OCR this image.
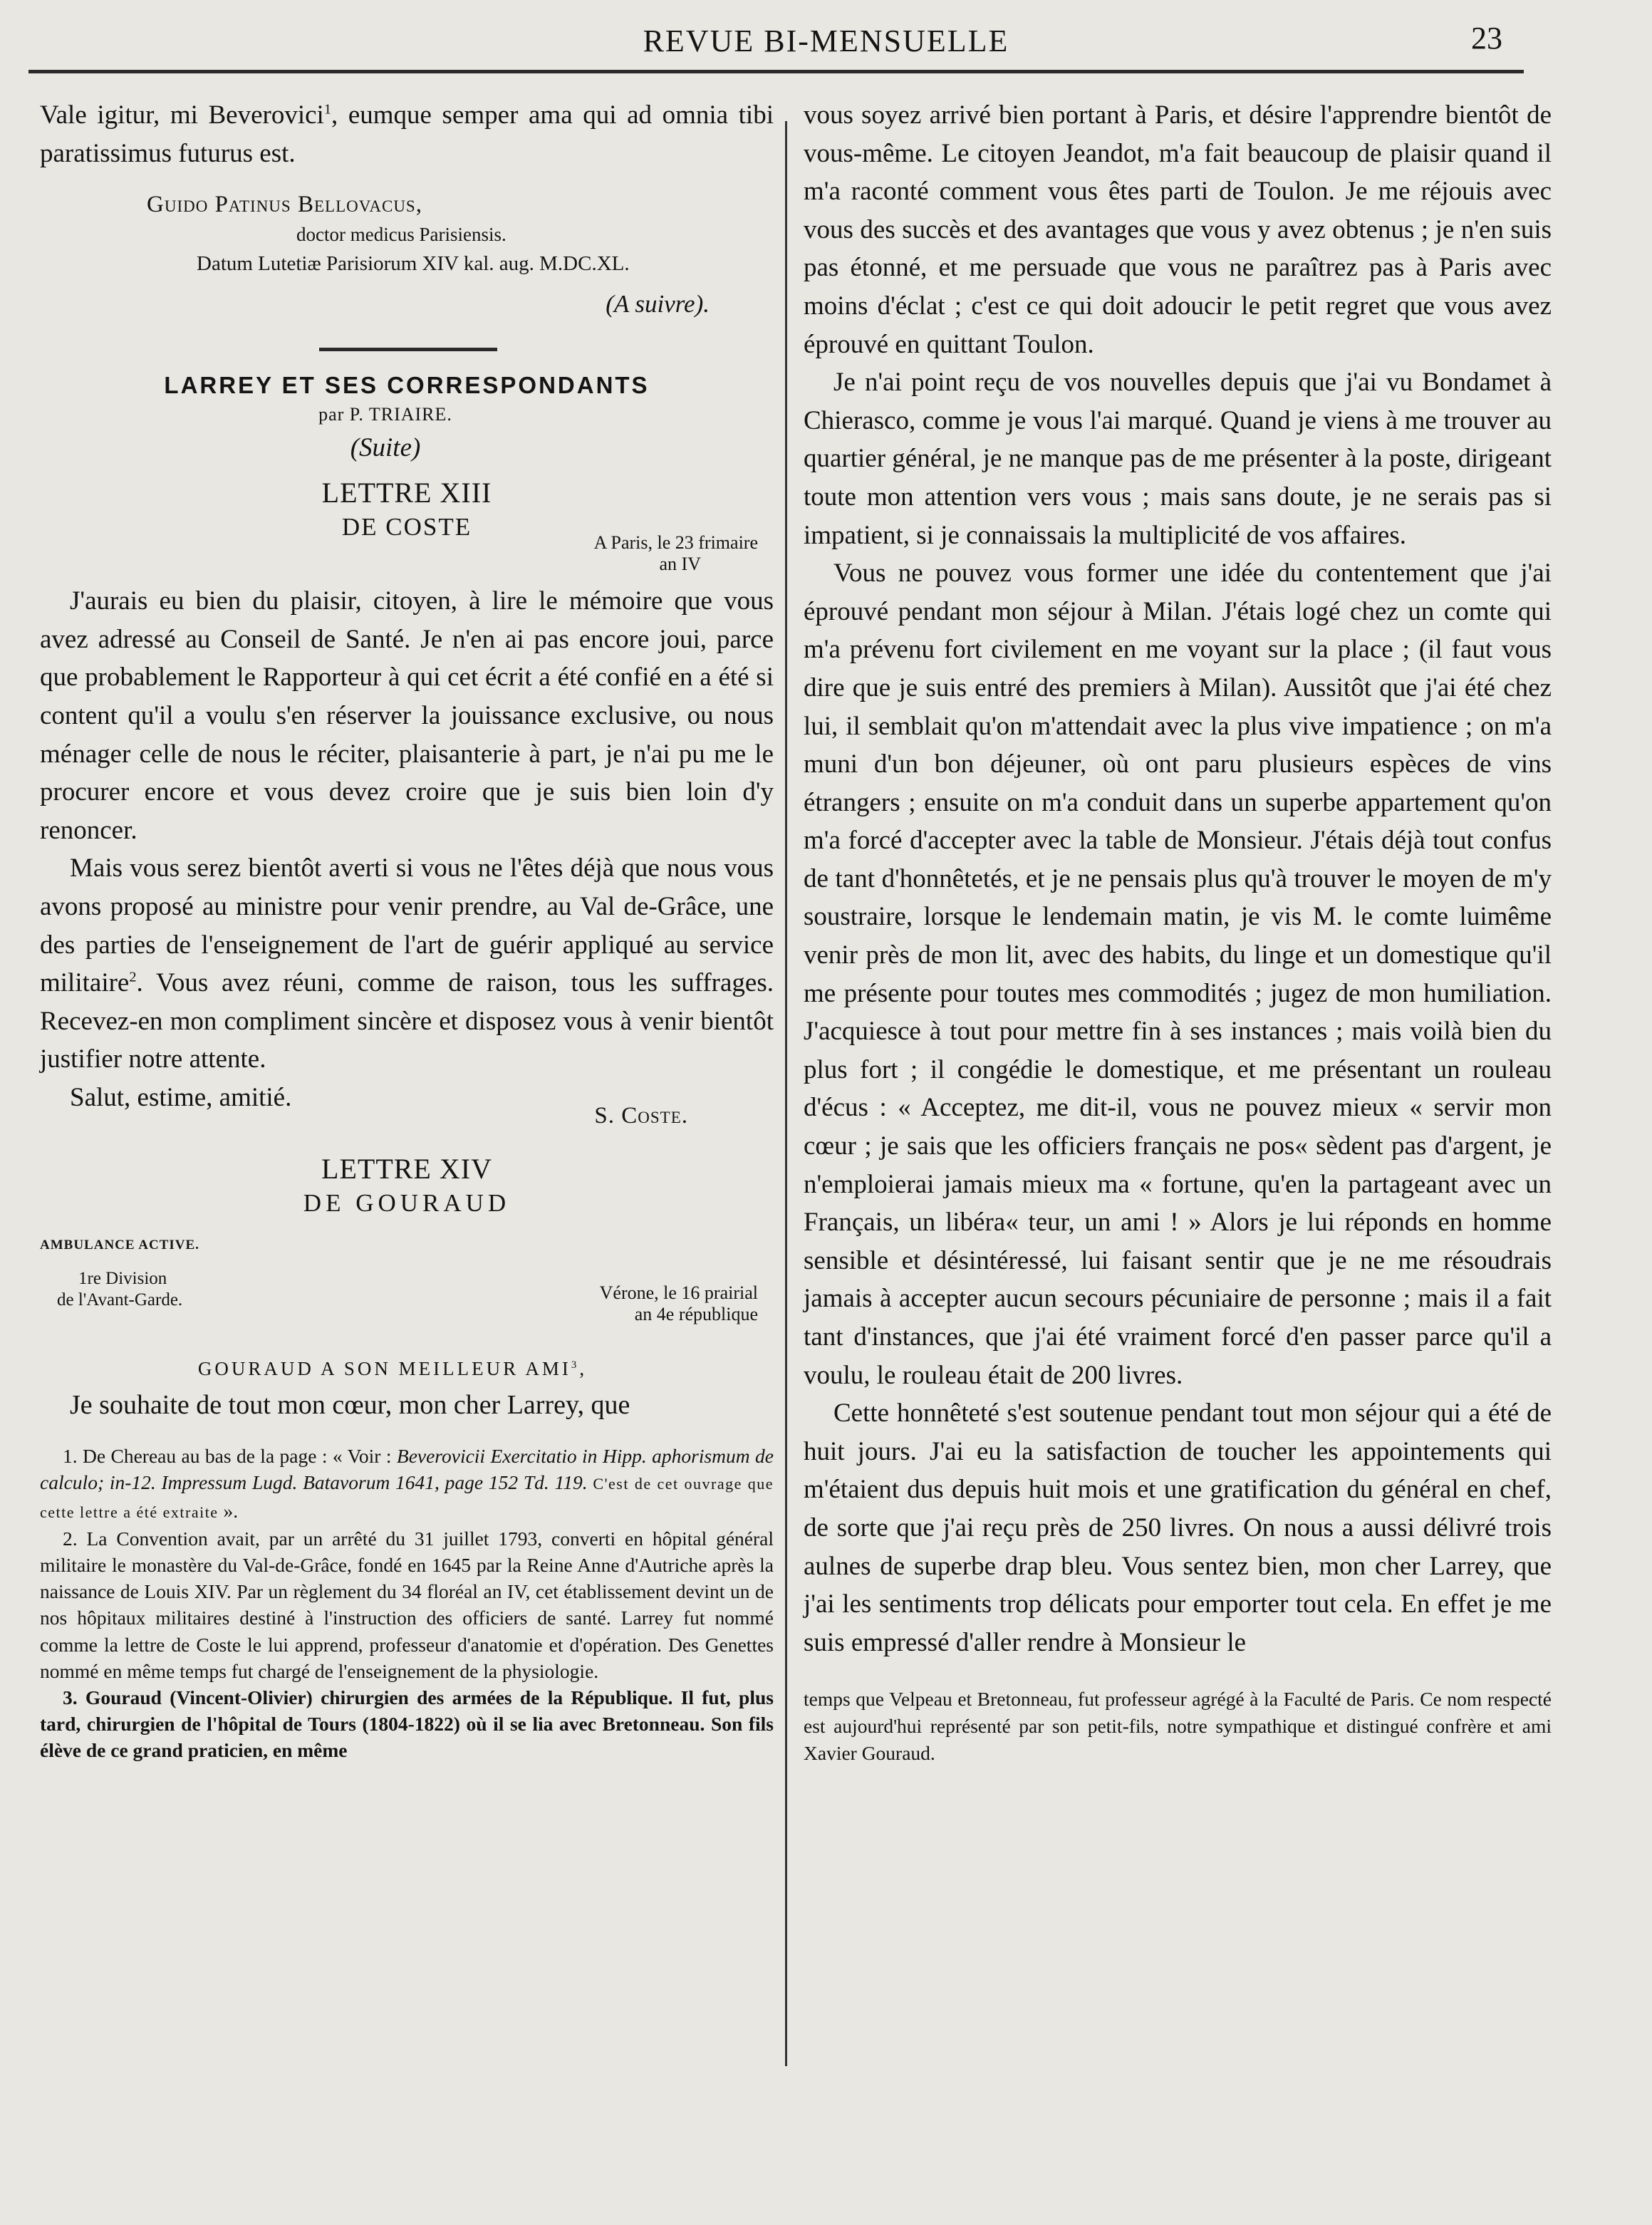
REVUE BI-MENSUELLE	23

Vale igitur, mi Beverovici$^1$, eumque semper ama qui ad omnia tibi paratissimus futurus est.

Guido Patinus Bellovacus,
doctor medicus Parisiensis.
Datum Lutetiæ Parisiorum XIV kal. aug. M.DC.XL.
(A suivre).
LARREY ET SES CORRESPONDANTS
par P. TRIAIRE.
(Suite)
LETTRE XIII
DE COSTE
A Paris, le 23 frimaire
an IV

J'aurais eu bien du plaisir, citoyen, à lire le mémoire que vous avez adressé au Conseil de Santé. Je n'en ai pas encore joui, parce que probablement le Rapporteur à qui cet écrit a été confié en a été si content qu'il a voulu s'en réserver la jouissance exclusive, ou nous ménager celle de nous le réciter, plaisanterie à part, je n'ai pu me le procurer encore et vous devez croire que je suis bien loin d'y renoncer.

Mais vous serez bientôt averti si vous ne l'êtes déjà que nous vous avons proposé au ministre pour venir prendre, au Val de-Grâce, une des parties de l'enseignement de l'art de guérir appliqué au service militaire$^2$. Vous avez réuni, comme de raison, tous les suffrages. Recevez-en mon compliment sincère et disposez vous à venir bientôt justifier notre attente.

Salut, estime, amitié.

S. Coste.
LETTRE XIV
DE GOURAUD
AMBULANCE ACTIVE.
1re Division
de l'Avant-Garde.	Vérone, le 16 prairial
an 4e république
GOURAUD A SON MEILLEUR AMI$^3$,

Je souhaite de tout mon cœur, mon cher Larrey, que

1. De Chereau au bas de la page : « Voir : Beverovicii Exercitatio in Hipp. aphorismum de calculo; in-12. Impressum Lugd. Batavorum 1641, page 152 Td. 119. C'est de cet ouvrage que cette lettre a été extraite ».

2. La Convention avait, par un arrêté du 31 juillet 1793, converti en hôpital général militaire le monastère du Val-de-Grâce, fondé en 1645 par la Reine Anne d'Autriche après la naissance de Louis XIV. Par un règlement du 34 floréal an IV, cet établissement devint un de nos hôpitaux militaires destiné à l'instruction des officiers de santé. Larrey fut nommé comme la lettre de Coste le lui apprend, professeur d'anatomie et d'opération. Des Genettes nommé en même temps fut chargé de l'enseignement de la physiologie.

3. Gouraud (Vincent-Olivier) chirurgien des armées de la République. Il fut, plus tard, chirurgien de l'hôpital de Tours (1804-1822) où il se lia avec Bretonneau. Son fils élève de ce grand praticien, en même

vous soyez arrivé bien portant à Paris, et désire l'apprendre bientôt de vous-même. Le citoyen Jeandot, m'a fait beaucoup de plaisir quand il m'a raconté comment vous êtes parti de Toulon. Je me réjouis avec vous des succès et des avantages que vous y avez obtenus ; je n'en suis pas étonné, et me persuade que vous ne paraîtrez pas à Paris avec moins d'éclat ; c'est ce qui doit adoucir le petit regret que vous avez éprouvé en quittant Toulon.

Je n'ai point reçu de vos nouvelles depuis que j'ai vu Bondamet à Chierasco, comme je vous l'ai marqué. Quand je viens à me trouver au quartier général, je ne manque pas de me présenter à la poste, dirigeant toute mon attention vers vous ; mais sans doute, je ne serais pas si impatient, si je connaissais la multiplicité de vos affaires.

Vous ne pouvez vous former une idée du contentement que j'ai éprouvé pendant mon séjour à Milan. J'étais logé chez un comte qui m'a prévenu fort civilement en me voyant sur la place ; (il faut vous dire que je suis entré des premiers à Milan). Aussitôt que j'ai été chez lui, il semblait qu'on m'attendait avec la plus vive impatience ; on m'a muni d'un bon déjeuner, où ont paru plusieurs espèces de vins étrangers ; ensuite on m'a conduit dans un superbe appartement qu'on m'a forcé d'accepter avec la table de Monsieur. J'étais déjà tout confus de tant d'honnêtetés, et je ne pensais plus qu'à trouver le moyen de m'y soustraire, lorsque le lendemain matin, je vis M. le comte luimême venir près de mon lit, avec des habits, du linge et un domestique qu'il me présente pour toutes mes commodités ; jugez de mon humiliation. J'acquiesce à tout pour mettre fin à ses instances ; mais voilà bien du plus fort ; il congédie le domestique, et me présentant un rouleau d'écus : « Acceptez, me dit-il, vous ne pouvez mieux « servir mon cœur ; je sais que les officiers français ne pos« sèdent pas d'argent, je n'emploierai jamais mieux ma « fortune, qu'en la partageant avec un Français, un libéra« teur, un ami ! » Alors je lui réponds en homme sensible et désintéressé, lui faisant sentir que je ne me résoudrais jamais à accepter aucun secours pécuniaire de personne ; mais il a fait tant d'instances, que j'ai été vraiment forcé d'en passer parce qu'il a voulu, le rouleau était de 200 livres.

Cette honnêteté s'est soutenue pendant tout mon séjour qui a été de huit jours. J'ai eu la satisfaction de toucher les appointements qui m'étaient dus depuis huit mois et une gratification du général en chef, de sorte que j'ai reçu près de 250 livres. On nous a aussi délivré trois aulnes de superbe drap bleu. Vous sentez bien, mon cher Larrey, que j'ai les sentiments trop délicats pour emporter tout cela. En effet je me suis empressé d'aller rendre à Monsieur le

temps que Velpeau et Bretonneau, fut professeur agrégé à la Faculté de Paris. Ce nom respecté est aujourd'hui représenté par son petit-fils, notre sympathique et distingué confrère et ami Xavier Gouraud.
